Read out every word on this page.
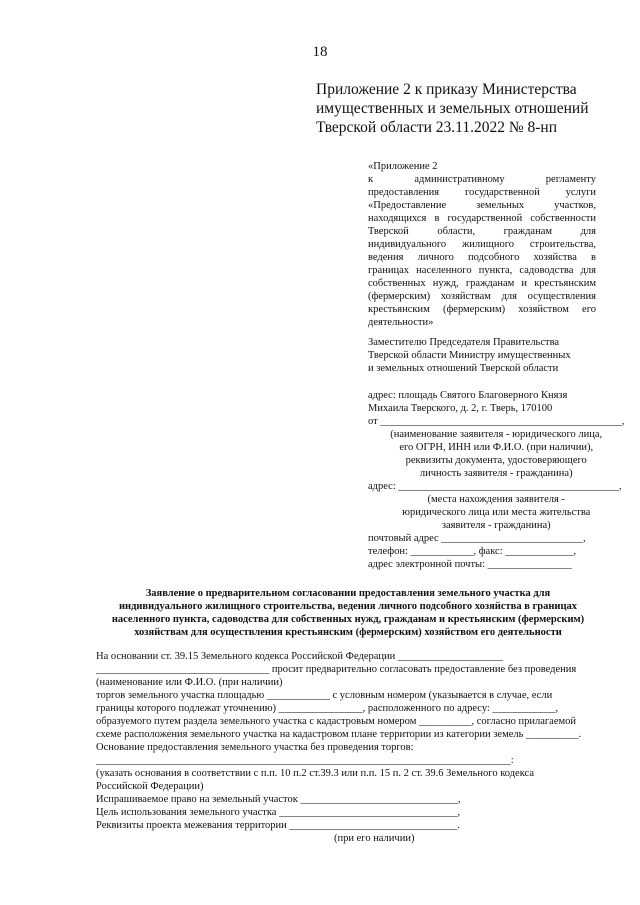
18
Приложение 2 к приказу Министерства
имущественных и земельных отношений
Тверской области 23.11.2022 № 8-нп
«Приложение 2
к административному регламенту
предоставления государственной услуги
«Предоставление земельных участков,
находящихся в государственной собственности
Тверской области, гражданам для
индивидуального жилищного строительства,
ведения личного подсобного хозяйства в
границах населенного пункта, садоводства для
собственных нужд, гражданам и крестьянским
(фермерским) хозяйствам для осуществления
крестьянским (фермерским) хозяйством его
деятельности»
Заместителю Председателя Правительства
Тверской области Министру имущественных
и земельных отношений Тверской области
адрес: площадь Святого Благоверного Князя
Михаила Тверского, д. 2, г. Тверь, 170100
от ______________________________________________,
(наименование заявителя - юридического лица,
его ОГРН, ИНН или Ф.И.О. (при наличии),
реквизиты документа, удостоверяющего
личность заявителя - гражданина)
адрес: __________________________________________,
(места нахождения заявителя -
юридического лица или места жительства
заявителя - гражданина)
почтовый адрес ___________________________,
телефон: ____________, факс: _____________,
адрес электронной почты: ________________
Заявление о предварительном согласовании предоставления земельного участка для
индивидуального жилищного строительства, ведения личного подсобного хозяйства в границах
населенного пункта, садоводства для собственных нужд, гражданам и крестьянским (фермерским)
хозяйствам для осуществления крестьянским (фермерским) хозяйством его деятельности
На основании ст. 39.15 Земельного кодекса Российской Федерации ____________________
_________________________________ просит предварительно согласовать предоставление без проведения
(наименование или Ф.И.О. (при наличии)
торгов земельного участка площадью ____________ с условным номером (указывается в случае, если
границы которого подлежат уточнению) ________________, расположенного по адресу: ____________,
образуемого путем раздела земельного участка с кадастровым номером __________, согласно прилагаемой
схеме расположения земельного участка на кадастровом плане территории из категории земель __________.
Основание предоставления земельного участка без проведения торгов:
_______________________________________________________________________________:
(указать основания в соответствии с п.п. 10 п.2 ст.39.3 или п.п. 15 п. 2 ст. 39.6 Земельного кодекса
Российской Федерации)
Испрашиваемое право на земельный участок ______________________________,
Цель использования земельного участка __________________________________,
Реквизиты проекта межевания территории ________________________________.
(при его наличии)
